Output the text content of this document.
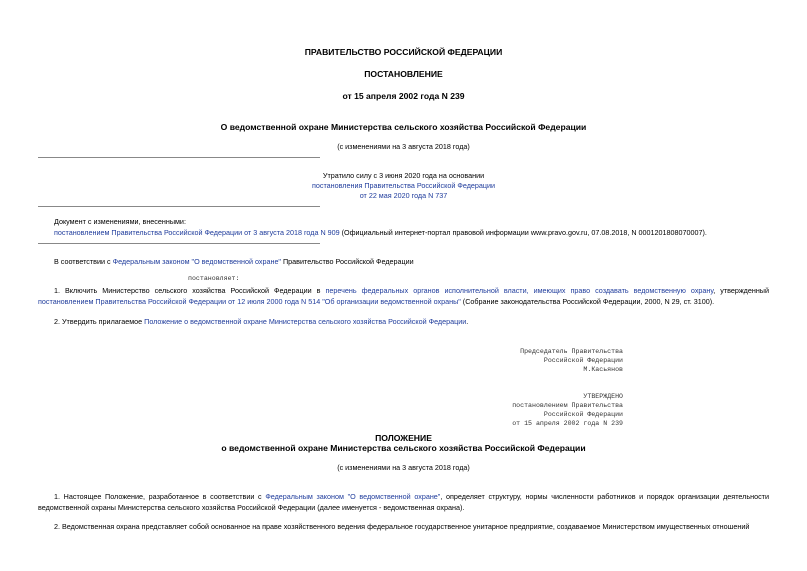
ПРАВИТЕЛЬСТВО РОССИЙСКОЙ ФЕДЕРАЦИИ
ПОСТАНОВЛЕНИЕ
от 15 апреля 2002 года N 239
О ведомственной охране Министерства сельского хозяйства Российской Федерации
(с изменениями на 3 августа 2018 года)
Утратило силу с 3 июня 2020 года на основании
постановления Правительства Российской Федерации
от 22 мая 2020 года N 737
Документ с изменениями, внесенными:
постановлением Правительства Российской Федерации от 3 августа 2018 года N 909 (Официальный интернет-портал правовой информации www.pravo.gov.ru, 07.08.2018, N 0001201808070007).
В соответствии с Федеральным законом "О ведомственной охране" Правительство Российской Федерации
постановляет:
1. Включить Министерство сельского хозяйства Российской Федерации в перечень федеральных органов исполнительной власти, имеющих право создавать ведомственную охрану, утвержденный постановлением Правительства Российской Федерации от 12 июля 2000 года N 514 "Об организации ведомственной охраны" (Собрание законодательства Российской Федерации, 2000, N 29, ст. 3100).
2. Утвердить прилагаемое Положение о ведомственной охране Министерства сельского хозяйства Российской Федерации.
Председатель Правительства
Российской Федерации
М.Касьянов
УТВЕРЖДЕНО
постановлением Правительства
Российской Федерации
от 15 апреля 2002 года N 239
ПОЛОЖЕНИЕ
о ведомственной охране Министерства сельского хозяйства Российской Федерации
(с изменениями на 3 августа 2018 года)
1. Настоящее Положение, разработанное в соответствии с Федеральным законом "О ведомственной охране", определяет структуру, нормы численности работников и порядок организации деятельности ведомственной охраны Министерства сельского хозяйства Российской Федерации (далее именуется - ведомственная охрана).
2. Ведомственная охрана представляет собой основанное на праве хозяйственного ведения федеральное государственное унитарное предприятие, создаваемое Министерством имущественных отношений
